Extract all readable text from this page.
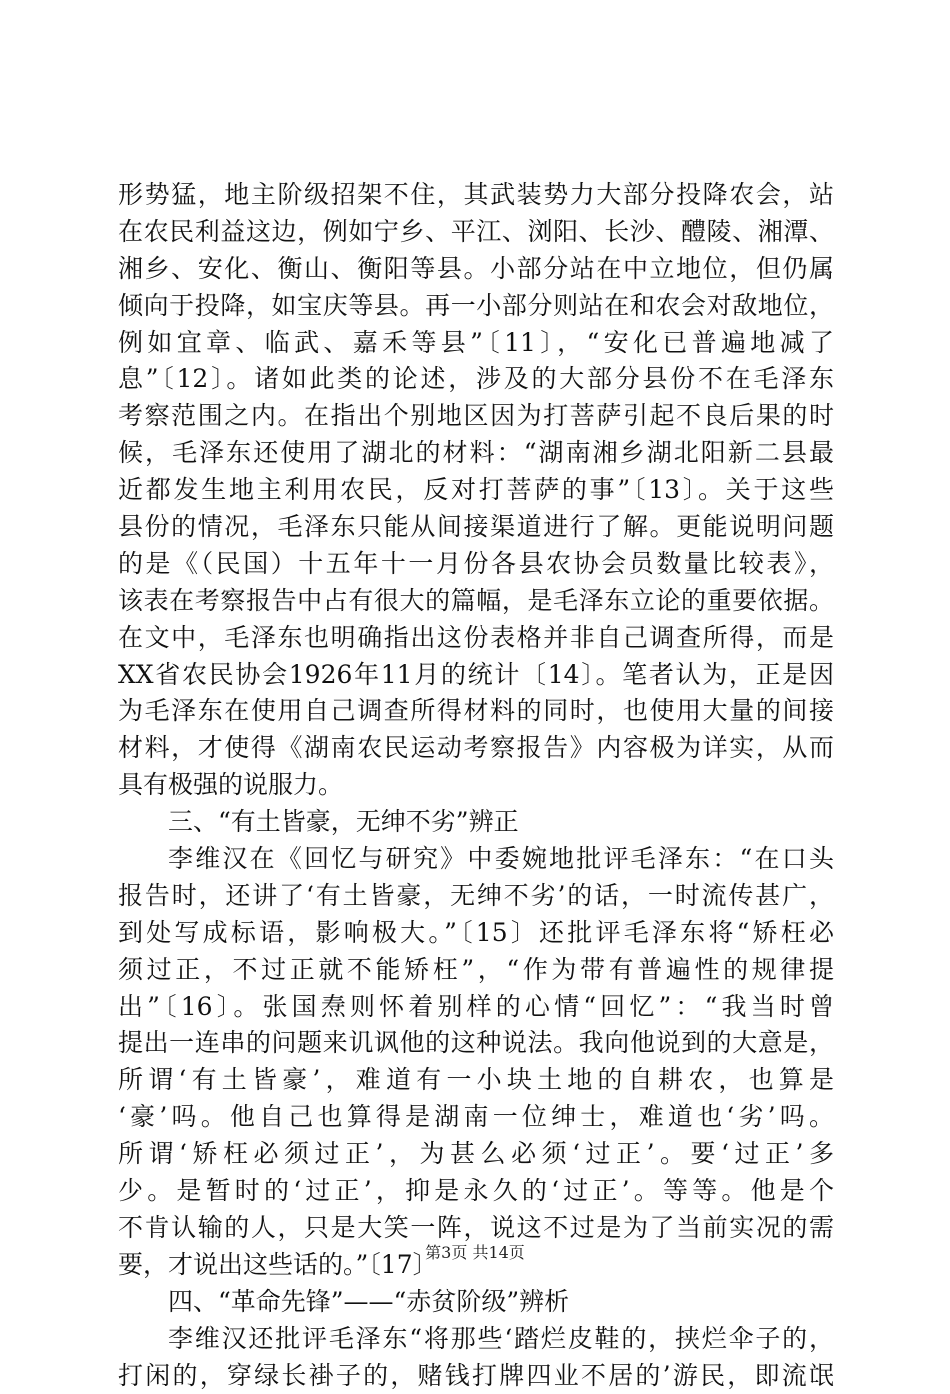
形势猛，地主阶级招架不住，其武装势力大部分投降农会，站
在农民利益这边，例如宁乡、平江、浏阳、长沙、醴陵、湘潭、
湘乡、安化、衡山、衡阳等县。小部分站在中立地位，但仍属
倾向于投降，如宝庆等县。再一小部分则站在和农会对敌地位，
例如宜章、临武、嘉禾等县”〔11〕，“安化已普遍地减了
息”〔12〕。诸如此类的论述，涉及的大部分县份不在毛泽东
考察范围之内。在指出个别地区因为打菩萨引起不良后果的时
候，毛泽东还使用了湖北的材料：“湖南湘乡湖北阳新二县最
近都发生地主利用农民，反对打菩萨的事”〔13〕。关于这些
县份的情况，毛泽东只能从间接渠道进行了解。更能说明问题
的是《（民国）十五年十一月份各县农协会员数量比较表》，
该表在考察报告中占有很大的篇幅，是毛泽东立论的重要依据。
在文中，毛泽东也明确指出这份表格并非自己调查所得，而是
XX省农民协会1926年11月的统计〔14〕。笔者认为，正是因
为毛泽东在使用自己调查所得材料的同时，也使用大量的间接
材料，才使得《湖南农民运动考察报告》内容极为详实，从而
具有极强的说服力。
三、“有土皆豪，无绅不劣”辨正
李维汉在《回忆与研究》中委婉地批评毛泽东：“在口头
报告时，还讲了‘有土皆豪，无绅不劣’的话，一时流传甚广，
到处写成标语，影响极大。”〔15〕还批评毛泽东将“矫枉必
须过正，不过正就不能矫枉”，“作为带有普遍性的规律提
出”〔16〕。张国焘则怀着别样的心情“回忆”：“我当时曾
提出一连串的问题来讥讽他的这种说法。我向他说到的大意是，
所谓‘有土皆豪’，难道有一小块土地的自耕农，也算是
‘豪’吗。他自己也算得是湖南一位绅士，难道也‘劣’吗。
所谓‘矫枉必须过正’，为甚么必须‘过正’。要‘过正’多
少。是暂时的‘过正’，抑是永久的‘过正’。等等。他是个
不肯认输的人，只是大笑一阵，说这不过是为了当前实况的需
要，才说出这些话的。”〔17〕
四、“革命先锋”——“赤贫阶级”辨析
李维汉还批评毛泽东“将那些‘踏烂皮鞋的，挟烂伞子的，
打闲的，穿绿长褂子的，赌钱打牌四业不居的’游民，即流氓
第3页 共14页
